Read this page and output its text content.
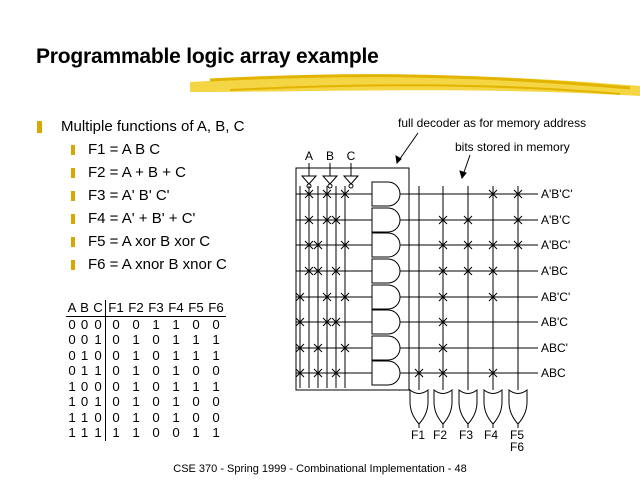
Programmable logic array example
Multiple functions of A, B, C
F1 = A B C
F2 = A + B + C
F3 = A' B' C'
F4 = A' + B' + C'
F5 = A xor B xor C
F6 = A xnor B xnor C
A B C F1 F2 F3 F4 F5 F6
0 0 0 0 0 1 1 0 0
0 0 1 0 1 0 1 1 1
0 1 0 0 1 0 1 1 1
0 1 1 0 1 0 1 0 0
1 0 0 0 1 0 1 1 1
1 0 1 0 1 0 1 0 0
1 1 0 0 1 0 1 0 0
1 1 1 1 1 0 0 1 1
A B C
A'B'C'
A'B'C
A'BC'
A'BC
AB'C'
AB'C
ABC'
ABC
F1 F2 F3 F4 F5
F6
full decoder as for memory address
bits stored in memory
CSE 370 - Spring 1999 - Combinational Implementation - 48
